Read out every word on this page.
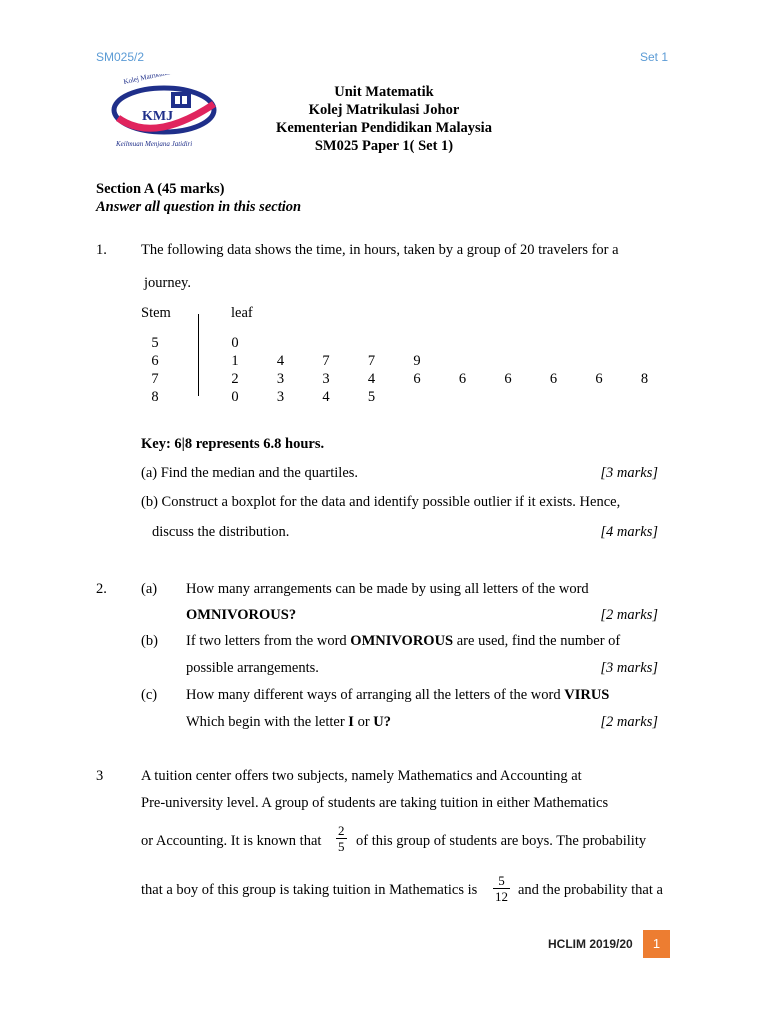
SM025/2	Set 1
Kolej Matrikulasi Johor
KMJ
Keilmuan Menjana Jatidiri
Unit Matematik
Kolej Matrikulasi Johor
Kementerian Pendidikan Malaysia
SM025 Paper 1( Set 1)
Section A (45 marks)
Answer all question in this section
1. The following data shows the time, in hours, taken by a group of 20 travelers for a
journey.
Stem	leaf
5	0
6	1	4	7	7	9
7	2	3	3	4	6	6	6	6	6	8
8	0	3	4	5
Key: 6|8 represents 6.8 hours.
(a) Find the median and the quartiles.	[3 marks]
(b) Construct a boxplot for the data and identify possible outlier if it exists. Hence,
discuss the distribution.	[4 marks]
2. (a) How many arrangements can be made by using all letters of the word
OMNIVOROUS?	[2 marks]
(b) If two letters from the word OMNIVOROUS are used, find the number of
possible arrangements.	[3 marks]
(c) How many different ways of arranging all the letters of the word VIRUS
Which begin with the letter I or U?	[2 marks]
3	A tuition center offers two subjects, namely Mathematics and Accounting at
Pre-university level. A group of students are taking tuition in either Mathematics
or Accounting. It is known that $\frac{2}{5}$ of this group of students are boys. The probability
that a boy of this group is taking tuition in Mathematics is $\frac{5}{12}$ and the probability that a
HCLIM 2019/20	1
